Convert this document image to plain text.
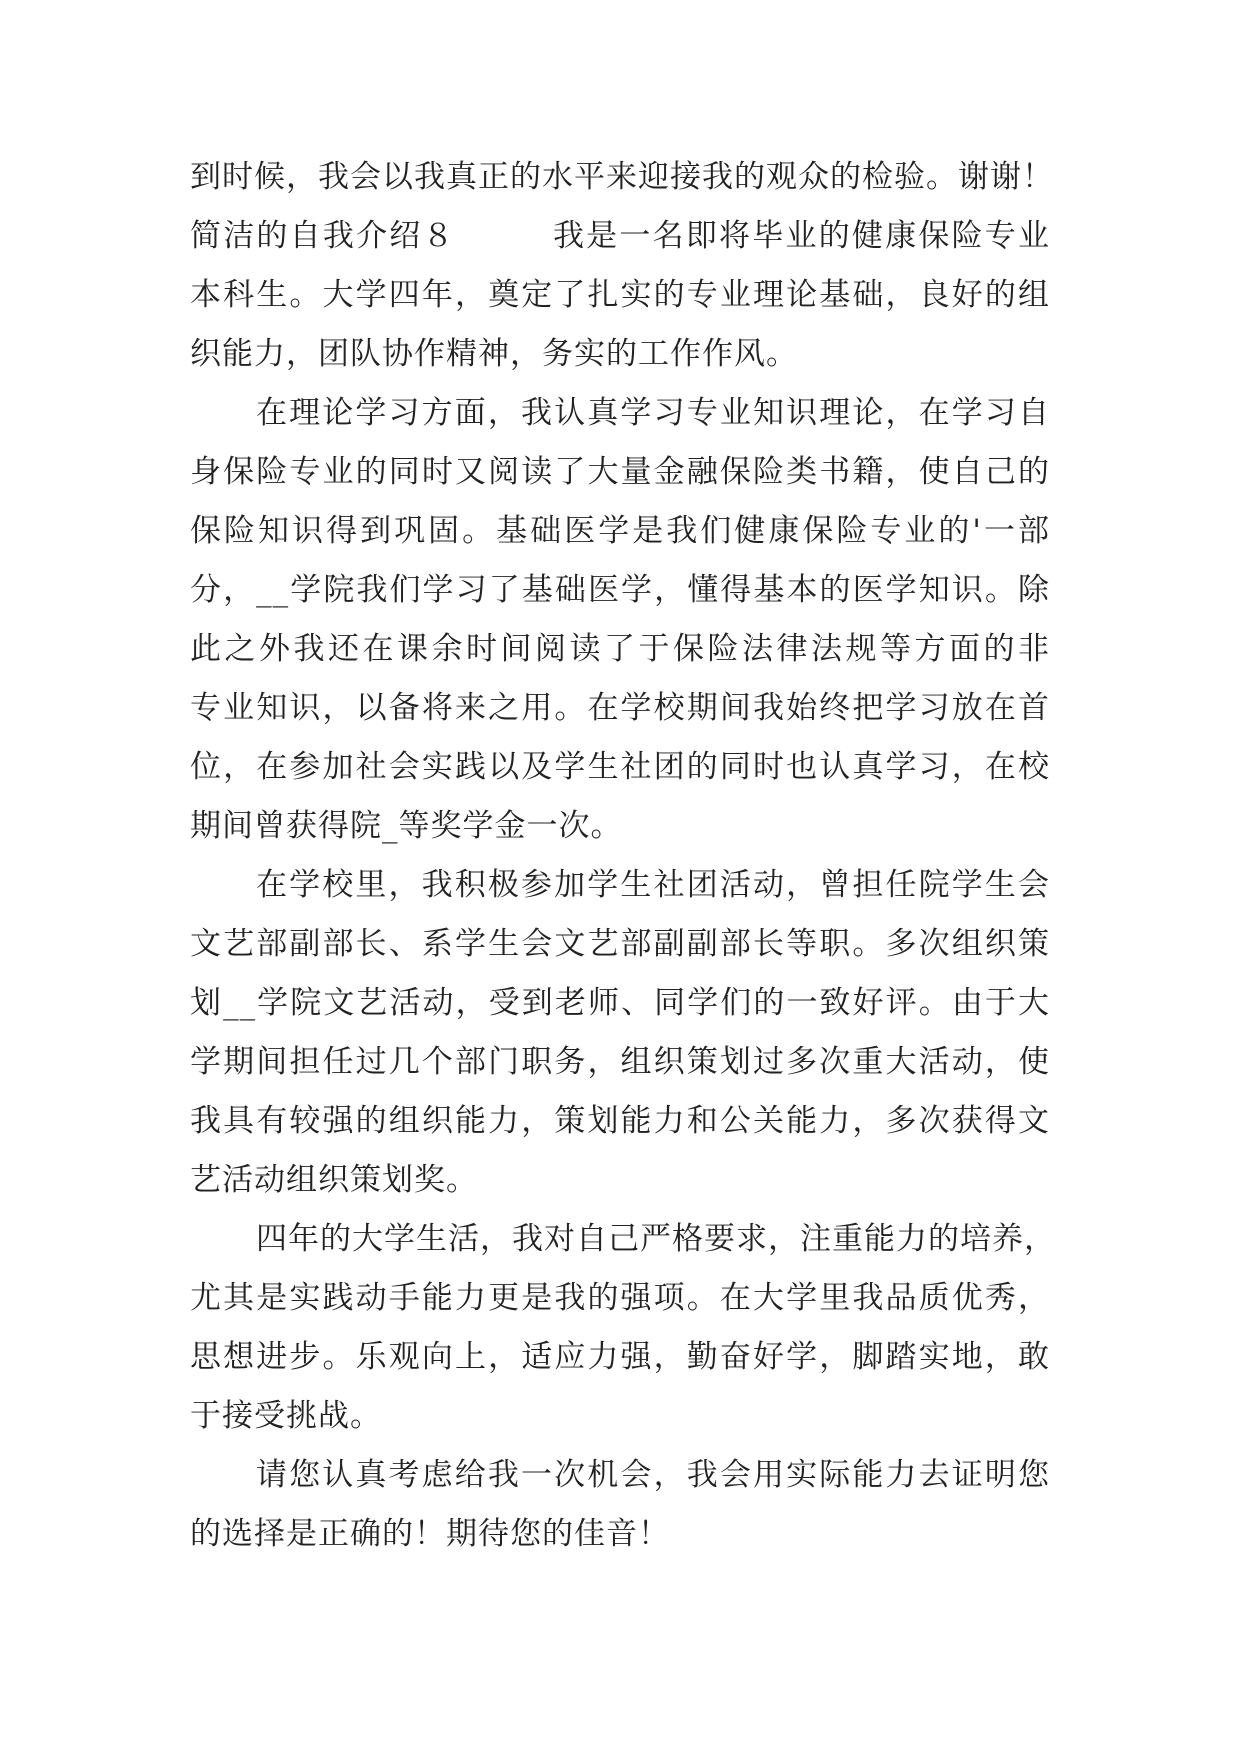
到时候，我会以我真正的水平来迎接我的观众的检验。谢谢！
简洁的自我介绍８	我是一名即将毕业的健康保险专业
本科生。大学四年，奠定了扎实的专业理论基础，良好的组
织能力，团队协作精神，务实的工作作风。
在理论学习方面，我认真学习专业知识理论，在学习自
身保险专业的同时又阅读了大量金融保险类书籍，使自己的
保险知识得到巩固。基础医学是我们健康保险专业的'一部
分，__学院我们学习了基础医学，懂得基本的医学知识。除
此之外我还在课余时间阅读了于保险法律法规等方面的非
专业知识，以备将来之用。在学校期间我始终把学习放在首
位，在参加社会实践以及学生社团的同时也认真学习，在校
期间曾获得院_等奖学金一次。
在学校里，我积极参加学生社团活动，曾担任院学生会
文艺部副部长、系学生会文艺部副副部长等职。多次组织策
划__学院文艺活动，受到老师、同学们的一致好评。由于大
学期间担任过几个部门职务，组织策划过多次重大活动，使
我具有较强的组织能力，策划能力和公关能力，多次获得文
艺活动组织策划奖。
四年的大学生活，我对自己严格要求，注重能力的培养，
尤其是实践动手能力更是我的强项。在大学里我品质优秀，
思想进步。乐观向上，适应力强，勤奋好学，脚踏实地，敢
于接受挑战。
请您认真考虑给我一次机会，我会用实际能力去证明您
的选择是正确的！期待您的佳音！
